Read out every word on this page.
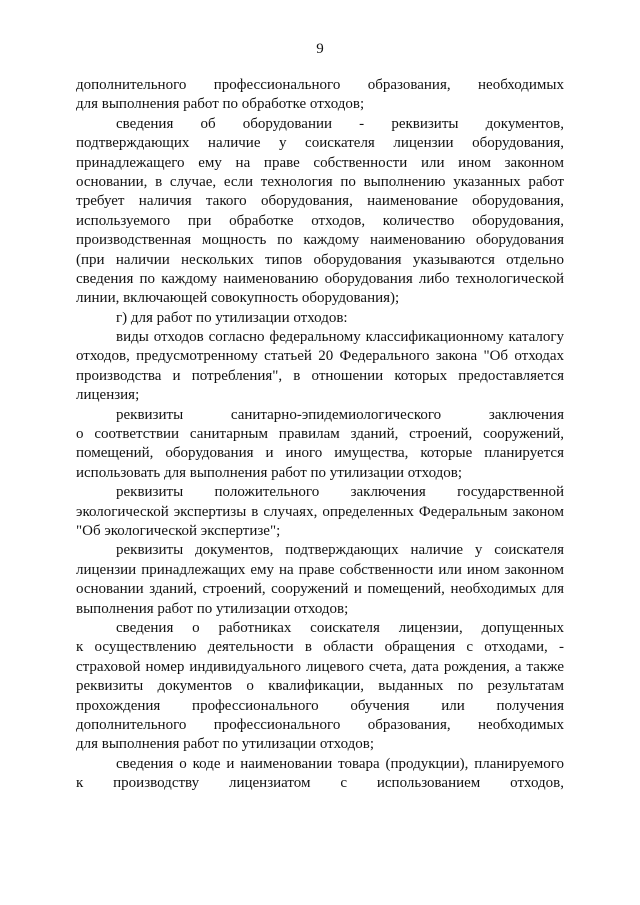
9
дополнительного профессионального образования, необходимых
для выполнения работ по обработке отходов;
сведения об оборудовании - реквизиты документов,
подтверждающих наличие у соискателя лицензии оборудования,
принадлежащего ему на праве собственности или ином законном
основании, в случае, если технология по выполнению указанных работ
требует наличия такого оборудования, наименование оборудования,
используемого при обработке отходов, количество оборудования,
производственная мощность по каждому наименованию оборудования
(при наличии нескольких типов оборудования указываются отдельно
сведения по каждому наименованию оборудования либо технологической
линии, включающей совокупность оборудования);
г) для работ по утилизации отходов:
виды отходов согласно федеральному классификационному каталогу
отходов, предусмотренному статьей 20 Федерального закона "Об отходах
производства и потребления", в отношении которых предоставляется
лицензия;
реквизиты санитарно-эпидемиологического заключения
о соответствии санитарным правилам зданий, строений, сооружений,
помещений, оборудования и иного имущества, которые планируется
использовать для выполнения работ по утилизации отходов;
реквизиты положительного заключения государственной
экологической экспертизы в случаях, определенных Федеральным законом
"Об экологической экспертизе";
реквизиты документов, подтверждающих наличие у соискателя
лицензии принадлежащих ему на праве собственности или ином законном
основании зданий, строений, сооружений и помещений, необходимых для
выполнения работ по утилизации отходов;
сведения о работниках соискателя лицензии, допущенных
к осуществлению деятельности в области обращения с отходами, -
страховой номер индивидуального лицевого счета, дата рождения, а также
реквизиты документов о квалификации, выданных по результатам
прохождения профессионального обучения или получения
дополнительного профессионального образования, необходимых
для выполнения работ по утилизации отходов;
сведения о коде и наименовании товара (продукции), планируемого
к производству лицензиатом с использованием отходов,
